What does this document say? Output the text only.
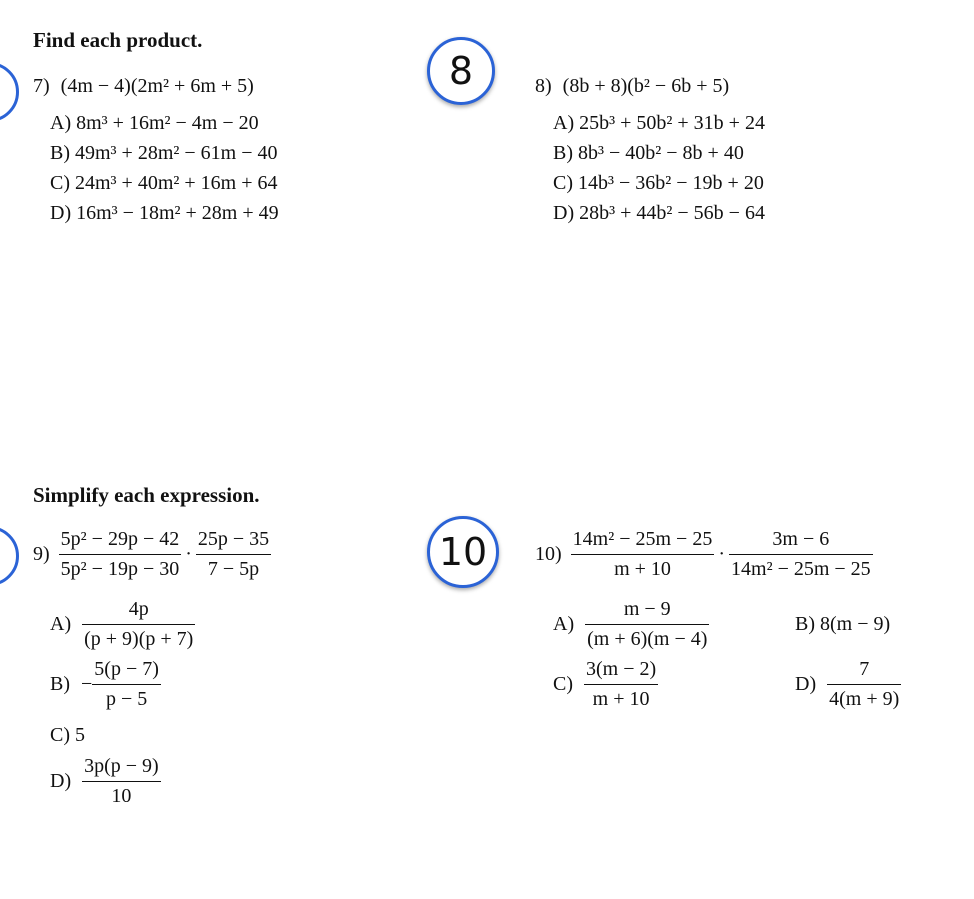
Find each product.
8
7) (4m − 4)(2m² + 6m + 5)
A) 8m³ + 16m² − 4m − 20
B) 49m³ + 28m² − 61m − 40
C) 24m³ + 40m² + 16m + 64
D) 16m³ − 18m² + 28m + 49
8) (8b + 8)(b² − 6b + 5)
A) 25b³ + 50b² + 31b + 24
B) 8b³ − 40b² − 8b + 40
C) 14b³ − 36b² − 19b + 20
D) 28b³ + 44b² − 56b − 64
Simplify each expression.
10
$9) \frac{\text{5p² − 29p − 42}}{\text{5p² − 19p − 30}} \cdot \frac{25p - 35}{7 - 5p}$
$A) \frac{4p}{(p + 9)(p + 7)}$
$B) - \frac{5(p - 7)}{p - 5}$
C) 5
$D) \frac{3p(p - 9)}{10}$
$10) \frac{\text{14m² − 25m − 25}}{m + 10} \cdot \frac{3m - 6}{\text{14m² − 25m − 25}}$
$A) \frac{m - 9}{(m + 6)(m - 4)}$	B) 8(m − 9)
$C) \frac{3(m - 2)}{m + 10}$	$D) \frac{7}{4(m + 9)}$
